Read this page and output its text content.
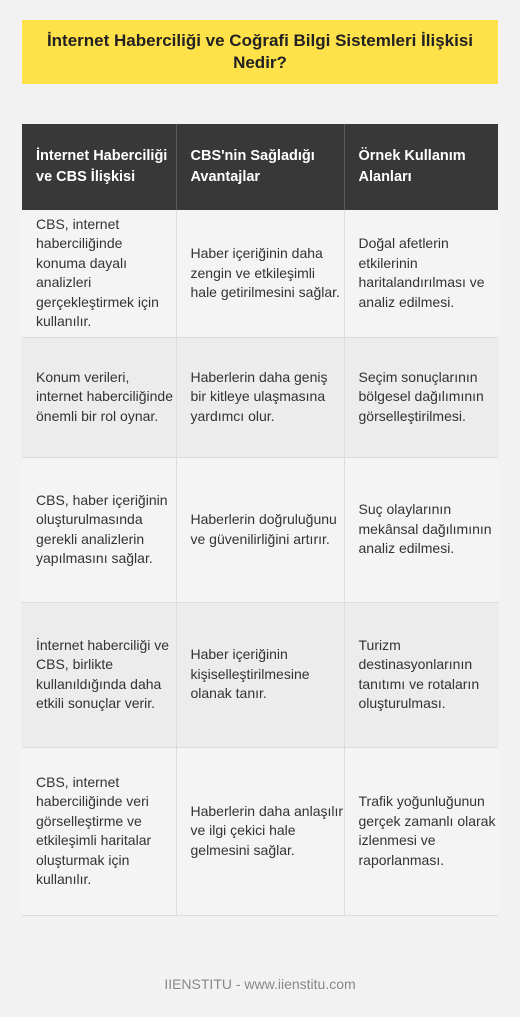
İnternet Haberciliği ve Coğrafi Bilgi Sistemleri İlişkisi Nedir?
İnternet Haberciliği ve CBS İlişkisi	CBS'nin Sağladığı Avantajlar	Örnek Kullanım Alanları
CBS, internet haberciliğinde konuma dayalı analizleri gerçekleştirmek için kullanılır.	Haber içeriğinin daha zengin ve etkileşimli hale getirilmesini sağlar.	Doğal afetlerin etkilerinin haritalandırılması ve analiz edilmesi.
Konum verileri, internet haberciliğinde önemli bir rol oynar.	Haberlerin daha geniş bir kitleye ulaşmasına yardımcı olur.	Seçim sonuçlarının bölgesel dağılımının görselleştirilmesi.
CBS, haber içeriğinin oluşturulmasında gerekli analizlerin yapılmasını sağlar.	Haberlerin doğruluğunu ve güvenilirliğini artırır.	Suç olaylarının mekânsal dağılımının analiz edilmesi.
İnternet haberciliği ve CBS, birlikte kullanıldığında daha etkili sonuçlar verir.	Haber içeriğinin kişiselleştirilmesine olanak tanır.	Turizm destinasyonlarının tanıtımı ve rotaların oluşturulması.
CBS, internet haberciliğinde veri görselleştirme ve etkileşimli haritalar oluşturmak için kullanılır.	Haberlerin daha anlaşılır ve ilgi çekici hale gelmesini sağlar.	Trafik yoğunluğunun gerçek zamanlı olarak izlenmesi ve raporlanması.
IIENSTITU - www.iienstitu.com
